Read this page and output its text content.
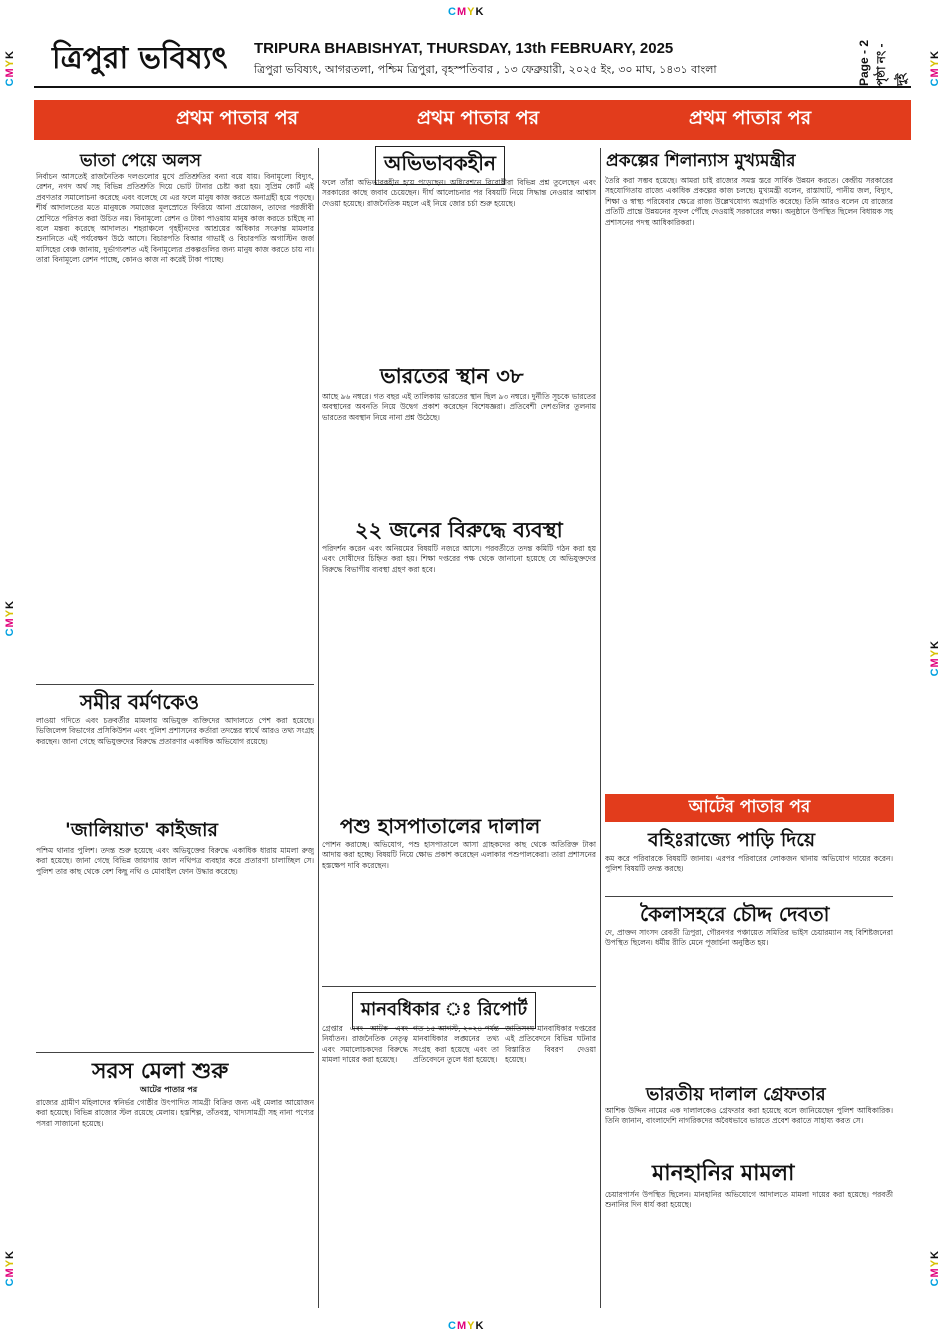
CMYK
CMYK
CMYK
CMYK
CMYK
CMYK
CMYK
CMYK
ত্রিপুরা ভবিষ্যৎ TRIPURA BHABISHYAT, THURSDAY, 13th FEBRUARY, 2025
ত্রিপুরা ভবিষ্যৎ, আগরতলা, পশ্চিম ত্রিপুরা, বৃহস্পতিবার , ১৩ ফেব্রুয়ারী, ২০২৫ ইং, ৩০ মাঘ, ১৪৩১ বাংলা	Page - 2 পৃষ্ঠা নং - দুই
প্রথম পাতার পর	প্রথম পাতার পর	প্রথম পাতার পর
ভাতা পেয়ে অলস
নির্বাচন আসতেই রাজনৈতিক দলগুলোর মুখে প্রতিশ্রুতির বন্যা বয়ে যায়। বিনামূল্যে বিদ্যুৎ, রেশন, নগদ অর্থ সহ বিভিন্ন প্রতিশ্রুতি দিয়ে ভোট টানার চেষ্টা করা হয়। সুপ্রিম কোর্ট এই প্রবণতার সমালোচনা করেছে এবং বলেছে যে এর ফলে মানুষ কাজ করতে অনাগ্রহী হয়ে পড়ছে। শীর্ষ আদালতের মতে মানুষকে সমাজের মূলস্রোতে ফিরিয়ে আনা প্রয়োজন, তাদের পরজীবী শ্রেণিতে পরিণত করা উচিত নয়। বিনামূল্যে রেশন ও টাকা পাওয়ায় মানুষ কাজ করতে চাইছে না বলে মন্তব্য করেছে আদালত। শহরাঞ্চলে গৃহহীনদের আশ্রয়ের অধিকার সংক্রান্ত মামলার শুনানিতে এই পর্যবেক্ষণ উঠে আসে। বিচারপতি বিআর গাভাই ও বিচারপতি অগাস্টিন জর্জ মাসিহের বেঞ্চ জানায়, দুর্ভাগ্যবশত এই বিনামূল্যের প্রকল্পগুলির জন্য মানুষ কাজ করতে চায় না। তারা বিনামূল্যে রেশন পাচ্ছে, কোনও কাজ না করেই টাকা পাচ্ছে।
সমীর বর্মণকেও
লাওয়া গদিতে এবং চক্রবর্তীর মামলায় অভিযুক্ত ব্যক্তিদের আদালতে পেশ করা হয়েছে। ভিজিলেন্স বিভাগের প্রসিকিউশন এবং পুলিশ প্রশাসনের কর্তারা তদন্তের স্বার্থে আরও তথ্য সংগ্রহ করছেন। জানা গেছে অভিযুক্তদের বিরুদ্ধে প্রতারণার একাধিক অভিযোগ রয়েছে।
'জালিয়াত' কাইজার
পশ্চিম থানার পুলিশ। তদন্ত শুরু হয়েছে এবং অভিযুক্তের বিরুদ্ধে একাধিক ধারায় মামলা রুজু করা হয়েছে। জানা গেছে বিভিন্ন জায়গায় জাল নথিপত্র ব্যবহার করে প্রতারণা চালাচ্ছিল সে। পুলিশ তার কাছ থেকে বেশ কিছু নথি ও মোবাইল ফোন উদ্ধার করেছে।
সরস মেলা শুরু
আটের পাতার পর
রাজ্যের গ্রামীণ মহিলাদের স্বনির্ভর গোষ্ঠীর উৎপাদিত সামগ্রী বিক্রির জন্য এই মেলার আয়োজন করা হয়েছে। বিভিন্ন রাজ্যের স্টল রয়েছে মেলায়। হস্তশিল্প, তাঁতবস্ত্র, খাদ্যসামগ্রী সহ নানা পণ্যের পসরা সাজানো হয়েছে।
অভিভাবকহীন
ফলে তাঁরা অভিভাবকহীন হয়ে পড়েছেন। অধিবেশনে বিরোধীরা বিভিন্ন প্রশ্ন তুলেছেন এবং সরকারের কাছে জবাব চেয়েছেন। দীর্ঘ আলোচনার পর বিষয়টি নিয়ে সিদ্ধান্ত নেওয়ার আশ্বাস দেওয়া হয়েছে। রাজনৈতিক মহলে এই নিয়ে জোর চর্চা শুরু হয়েছে।
ভারতের স্থান ৩৮
আছে ৯৬ নম্বরে। গত বছর এই তালিকায় ভারতের স্থান ছিল ৯৩ নম্বরে। দুর্নীতি সূচকে ভারতের অবস্থানের অবনতি নিয়ে উদ্বেগ প্রকাশ করেছেন বিশেষজ্ঞরা। প্রতিবেশী দেশগুলির তুলনায় ভারতের অবস্থান নিয়ে নানা প্রশ্ন উঠেছে।
২২ জনের বিরুদ্ধে ব্যবস্থা
পরিদর্শন করেন এবং অনিয়মের বিষয়টি নজরে আসে। পরবর্তীতে তদন্ত কমিটি গঠন করা হয় এবং দোষীদের চিহ্নিত করা হয়। শিক্ষা দপ্তরের পক্ষ থেকে জানানো হয়েছে যে অভিযুক্তদের বিরুদ্ধে বিভাগীয় ব্যবস্থা গ্রহণ করা হবে।
পশু হাসপাতালের দালাল
পোশন করাচ্ছে। অভিযোগ, পশু হাসপাতালে আসা গ্রাহকদের কাছ থেকে অতিরিক্ত টাকা আদায় করা হচ্ছে। বিষয়টি নিয়ে ক্ষোভ প্রকাশ করেছেন এলাকার পশুপালকেরা। তারা প্রশাসনের হস্তক্ষেপ দাবি করেছেন।
মানবধিকার ঃ রিপোর্ট
গ্রেপ্তার এবং আটক এবং নির্যাতন। রাজনৈতিক নেতৃত্ব এবং সমালোচকদের বিরুদ্ধে মামলা দায়ের করা হয়েছে।
গত ১৫ আগস্ট, ২০২৪ পর্যন্ত মানবাধিকার লঙ্ঘনের তথ্য সংগ্রহ করা হয়েছে এবং তা প্রতিবেদনে তুলে ধরা হয়েছে।
জাতিসংঘ মানবাধিকার দপ্তরের এই প্রতিবেদনে বিভিন্ন ঘটনার বিস্তারিত বিবরণ দেওয়া হয়েছে।
প্রকল্পের শিলান্যাস মুখ্যমন্ত্রীর
তৈরি করা সম্ভব হয়েছে। আমরা চাই রাজ্যের সমস্ত স্তরে সার্বিক উন্নয়ন করতে। কেন্দ্রীয় সরকারের সহযোগিতায় রাজ্যে একাধিক প্রকল্পের কাজ চলছে। মুখ্যমন্ত্রী বলেন, রাস্তাঘাট, পানীয় জল, বিদ্যুৎ, শিক্ষা ও স্বাস্থ্য পরিষেবার ক্ষেত্রে রাজ্য উল্লেখযোগ্য অগ্রগতি করেছে। তিনি আরও বলেন যে রাজ্যের প্রতিটি প্রান্তে উন্নয়নের সুফল পৌঁছে দেওয়াই সরকারের লক্ষ্য। অনুষ্ঠানে উপস্থিত ছিলেন বিধায়ক সহ প্রশাসনের পদস্থ আধিকারিকরা।
আটের পাতার পর
বহিঃরাজ্যে পাড়ি দিয়ে
কম করে পরিবারকে বিষয়টি জানায়। এরপর পরিবারের লোকজন থানায় অভিযোগ দায়ের করেন। পুলিশ বিষয়টি তদন্ত করছে।
কৈলাসহরে চৌদ্দ দেবতা
দে, প্রাক্তন সাংসদ রেবতী ত্রিপুরা, গৌরনগর পঞ্চায়েত সমিতির ভাইস চেয়ারম্যান সহ বিশিষ্টজনেরা উপস্থিত ছিলেন। ধর্মীয় রীতি মেনে পূজার্চনা অনুষ্ঠিত হয়।
ভারতীয় দালাল গ্রেফতার
আশিক উদ্দিন নামের এক দালালকেও গ্রেফতার করা হয়েছে বলে জানিয়েছেন পুলিশ আধিকারিক। তিনি জানান, বাংলাদেশি নাগরিকদের অবৈধভাবে ভারতে প্রবেশ করাতে সাহায্য করত সে।
মানহানির মামলা
চেয়ারপার্সন উপস্থিত ছিলেন। মানহানির অভিযোগে আদালতে মামলা দায়ের করা হয়েছে। পরবর্তী শুনানির দিন ধার্য করা হয়েছে।
